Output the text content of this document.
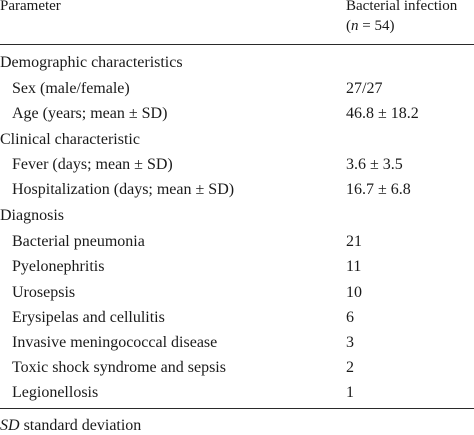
Parameter	Bacterial infection
(n = 54)
Demographic characteristics
Sex (male/female)	27/27
Age (years; mean ± SD)	46.8 ± 18.2
Clinical characteristic
Fever (days; mean ± SD)	3.6 ± 3.5
Hospitalization (days; mean ± SD)	16.7 ± 6.8
Diagnosis
Bacterial pneumonia	21
Pyelonephritis	11
Urosepsis	10
Erysipelas and cellulitis	6
Invasive meningococcal disease	3
Toxic shock syndrome and sepsis	2
Legionellosis	1
SD standard deviation
